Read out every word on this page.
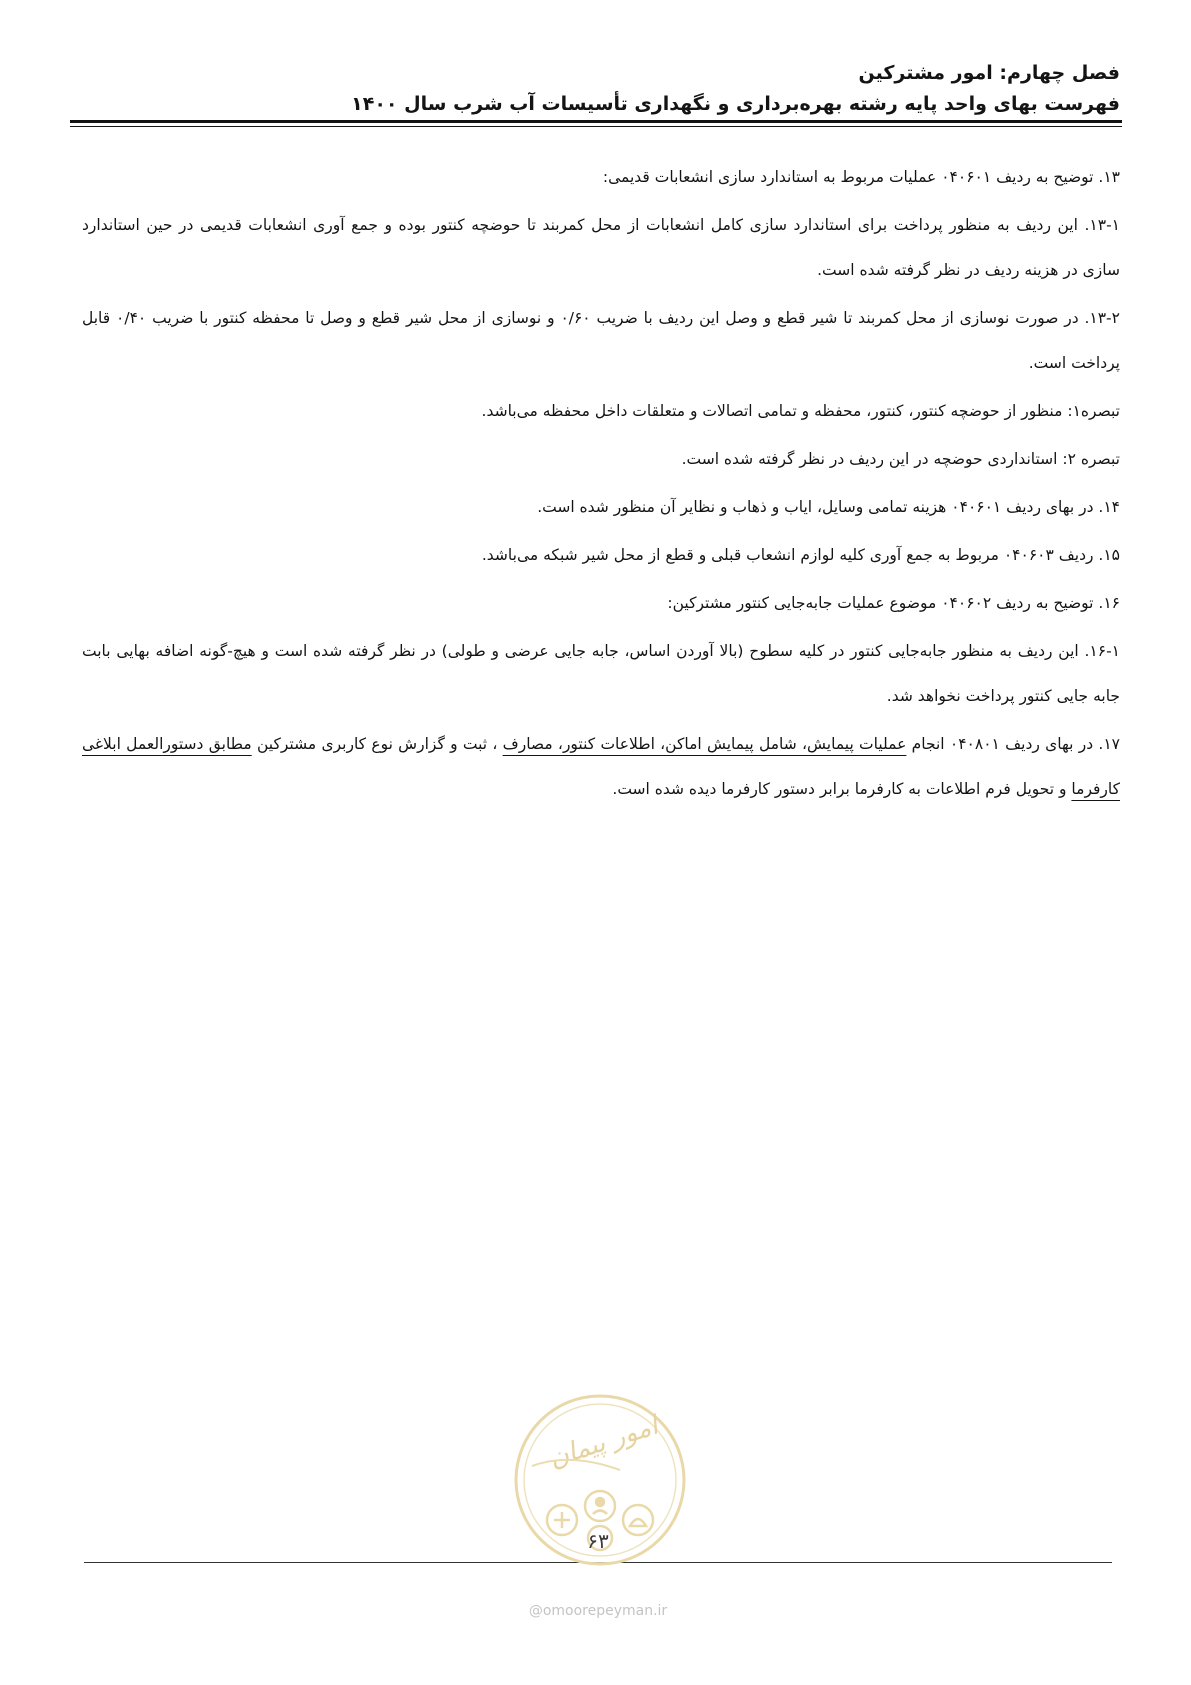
فصل چهارم: امور مشترکین
فهرست بهای واحد پایه رشته بهره‌برداری و نگهداری تأسیسات آب شرب سال ۱۴۰۰

۱۳. توضیح به ردیف ۰۴۰۶۰۱ عملیات مربوط به استاندارد سازی انشعابات قدیمی:

۱۳-۱. این ردیف به منظور پرداخت برای استاندارد سازی کامل انشعابات از محل کمربند تا حوضچه کنتور بوده و جمع آوری انشعابات قدیمی در حین استاندارد سازی در هزینه ردیف در نظر گرفته شده است.

۱۳-۲. در صورت نوسازی از محل کمربند تا شیر قطع و وصل این ردیف با ضریب ۰/۶۰ و نوسازی از محل شیر قطع و وصل تا محفظه کنتور با ضریب ۰/۴۰ قابل پرداخت است.

تبصره۱: منظور از حوضچه کنتور، کنتور، محفظه و تمامی اتصالات و متعلقات داخل محفظه می‌باشد.

تبصره ۲: استانداردی حوضچه در این ردیف در نظر گرفته شده است.

۱۴. در بهای ردیف ۰۴۰۶۰۱ هزینه تمامی وسایل، ایاب و ذهاب و نظایر آن منظور شده است.

۱۵. ردیف ۰۴۰۶۰۳ مربوط به جمع آوری کلیه لوازم انشعاب قبلی و قطع از محل شیر شبکه می‌باشد.

۱۶. توضیح به ردیف ۰۴۰۶۰۲ موضوع عملیات جابه‌جایی کنتور مشترکین:

۱۶-۱. این ردیف به منظور جابه‌جایی کنتور در کلیه سطوح (بالا آوردن اساس، جابه جایی عرضی و طولی) در نظر گرفته شده است و هیچ-گونه اضافه بهایی بابت جابه جایی کنتور پرداخت نخواهد شد.

۱۷. در بهای ردیف ۰۴۰۸۰۱ انجام عملیات پیمایش، شامل پیمایش اماکن، اطلاعات کنتور، مصارف ، ثبت و گزارش نوع کاربری مشترکین مطابق دستورالعمل ابلاغی کارفرما و تحویل فرم اطلاعات به کارفرما برابر دستور کارفرما دیده شده است.

امور پیمان
۶۳
@omoorepeyman.ir
